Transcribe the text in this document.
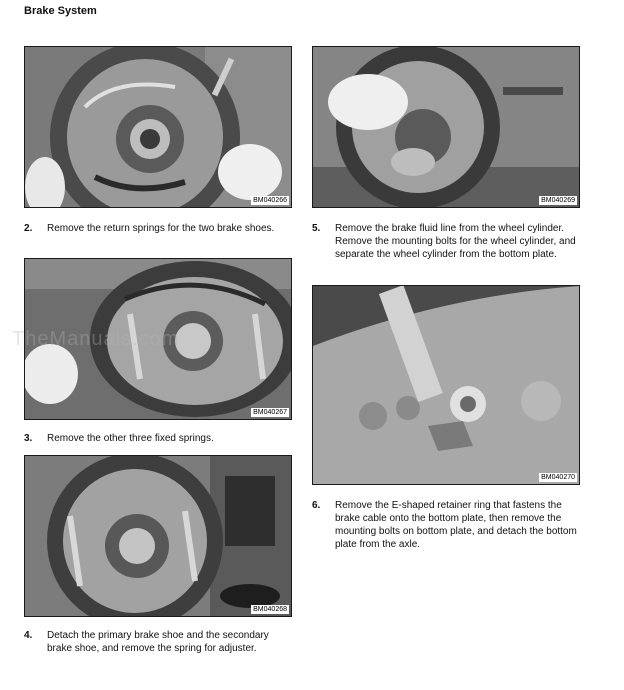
Brake System
BM040266
2. Remove the return springs for the two brake shoes.
BM040267
TheManuals.com
3. Remove the other three fixed springs.
BM040268
4. Detach the primary brake shoe and the secondary brake shoe, and remove the spring for adjuster.
BM040269
5. Remove the brake fluid line from the wheel cylinder. Remove the mounting bolts for the wheel cylinder, and separate the wheel cylinder from the bottom plate.
BM040270
6. Remove the E-shaped retainer ring that fastens the brake cable onto the bottom plate, then remove the mounting bolts on bottom plate, and detach the bottom plate from the axle.
